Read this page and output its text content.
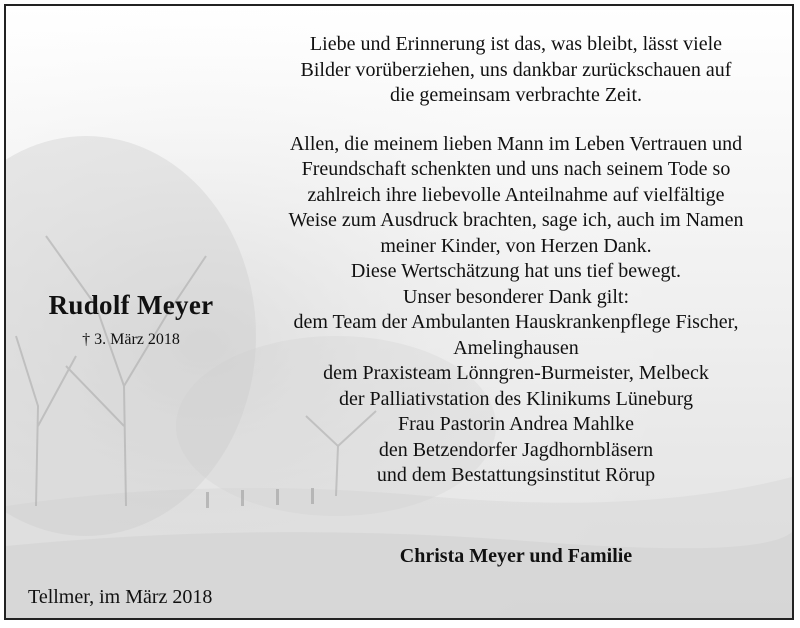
Rudolf Meyer
† 3. März 2018
Tellmer, im März 2018
Liebe und Erinnerung ist das, was bleibt, lässt viele
Bilder vorüberziehen, uns dankbar zurückschauen auf
die gemeinsam verbrachte Zeit.
Allen, die meinem lieben Mann im Leben Vertrauen und
Freundschaft schenkten und uns nach seinem Tode so
zahlreich ihre liebevolle Anteilnahme auf vielfältige
Weise zum Ausdruck brachten, sage ich, auch im Namen
meiner Kinder, von Herzen Dank.
Diese Wertschätzung hat uns tief bewegt.
Unser besonderer Dank gilt:
dem Team der Ambulanten Hauskrankenpflege Fischer,
Amelinghausen
dem Praxisteam Lönngren-Burmeister, Melbeck
der Palliativstation des Klinikums Lüneburg
Frau Pastorin Andrea Mahlke
den Betzendorfer Jagdhornbläsern
und dem Bestattungsinstitut Rörup
Christa Meyer und Familie
